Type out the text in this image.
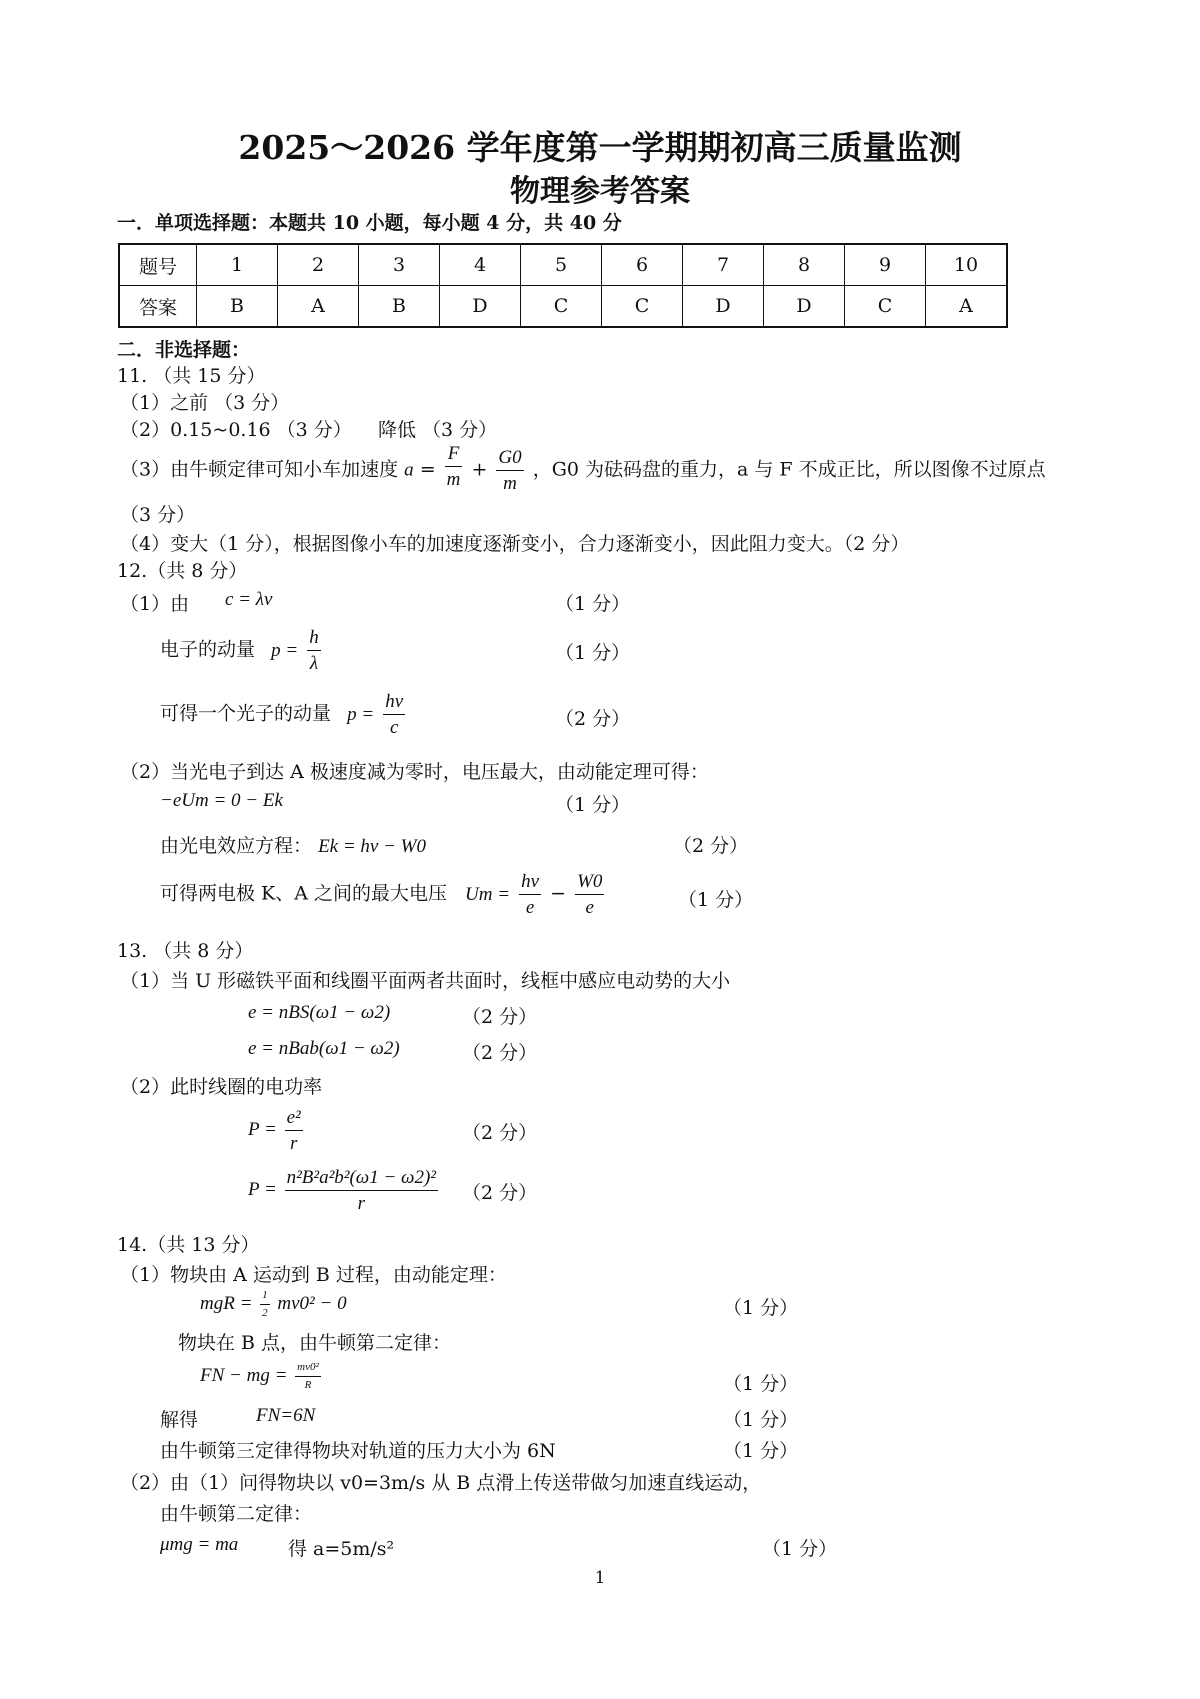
2025～2026 学年度第一学期期初高三质量监测
物理参考答案
一．单项选择题：本题共 10 小题，每小题 4 分，共 40 分
题号	1	2	3	4	5	6	7	8	9	10
答案	B	A	B	D	C	C	D	D	C	A
二．非选择题：
11. （共 15 分）
（1）之前 （3 分）
（2）0.15~0.16 （3 分） 降低 （3 分）
（3）由牛顿定律可知小车加速度 $a = \frac{F}{m} + \frac{G0}{m}$ ，G0 为砝码盘的重力，a 与 F 不成正比，所以图像不过原点
（3 分）
（4）变大（1 分），根据图像小车的加速度逐渐变小，合力逐渐变小，因此阻力变大。（2 分）
12.（共 8 分）
（1）由 c = λν	（1 分）
电子的动量 $p = \frac{h}{\lambda}$	（1 分）
可得一个光子的动量 $p = \frac{h\nu}{c}$	（2 分）
（2）当光电子到达 A 极速度减为零时，电压最大，由动能定理可得：
−eUm = 0 − Ek	（1 分）
由光电效应方程： Ek = hν − W0	（2 分）
可得两电极 K、A 之间的最大电压 $Um = \frac{h\nu}{e} - \frac{W0}{e}$	（1 分）
13. （共 8 分）
（1）当 U 形磁铁平面和线圈平面两者共面时，线框中感应电动势的大小
e = nBS(ω1 − ω2)	（2 分）
e = nBab(ω1 − ω2)	（2 分）
（2）此时线圈的电功率
$P = \frac{\text{e²}}{r}$	（2 分）
$P = \frac{\text{n²B²a²b²(ω1 − ω2)²}}{r} (2$ 分）
14.（共 13 分）
（1）物块由 A 运动到 B 过程，由动能定理：
mgR = $\frac{1}{2} mv0^2 - 0$	（1 分）
物块在 B 点，由牛顿第二定律：
FN − mg = $\frac{\text{mv0²}}{R}$	（1 分）
解得	FN=6N	（1 分）
由牛顿第三定律得物块对轨道的压力大小为 6N	（1 分）
（2）由（1）问得物块以 v0=3m/s 从 B 点滑上传送带做匀加速直线运动，
由牛顿第二定律：
μmg = ma	得 a=5m/s²	（1 分）
1
